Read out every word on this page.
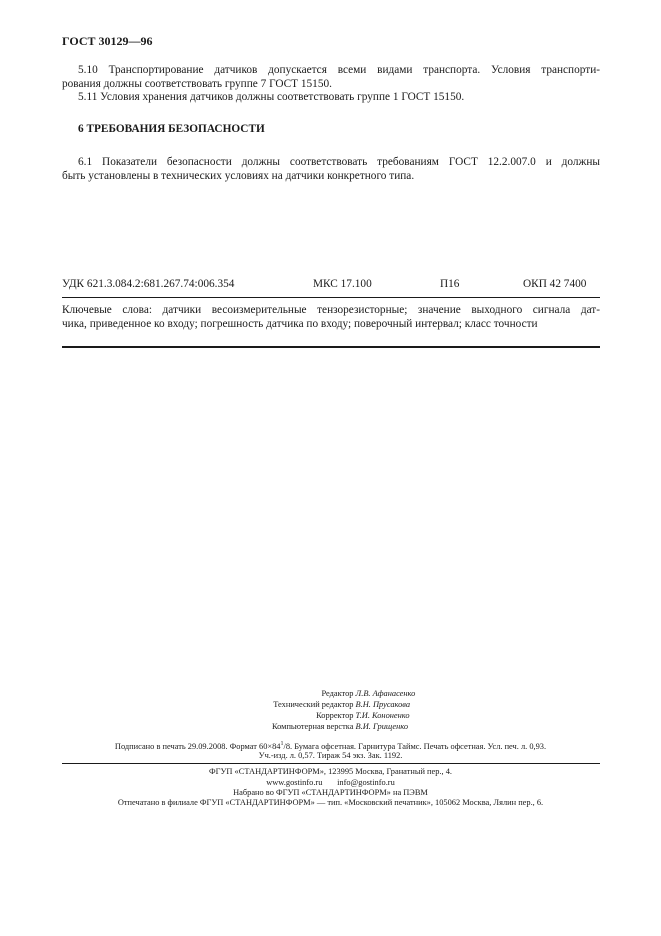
ГОСТ 30129—96
5.10 Транспортирование датчиков допускается всеми видами транспорта. Условия транспорти-
рования должны соответствовать группе 7 ГОСТ 15150.
5.11 Условия хранения датчиков должны соответствовать группе 1 ГОСТ 15150.
6 ТРЕБОВАНИЯ БЕЗОПАСНОСТИ
6.1 Показатели безопасности должны соответствовать требованиям ГОСТ 12.2.007.0 и должны
быть установлены в технических условиях на датчики конкретного типа.
УДК 621.3.084.2:681.267.74:006.354	МКС 17.100	П16	ОКП 42 7400
Ключевые слова: датчики весоизмерительные тензорезисторные; значение выходного сигнала дат-
чика, приведенное ко входу; погрешность датчика по входу; поверочный интервал; класс точности
Редактор
Л.В. Афанасенко
Технический редактор
В.Н. Прусакова
Корректор
Т.И. Кононенко
Компьютерная верстка
В.И. Грищенко
Подписано в печать 29.09.2008. Формат $60\times 84^1/8$. Бумага офсетная. Гарнитура Таймс. Печать офсетная. Усл. печ. л. 0,93.
Уч.-изд. л. 0,57. Тираж 54 экз. Зак. 1192.
ФГУП «СТАНДАРТИНФОРМ», 123995 Москва, Гранатный пер., 4.
www.gostinfo.ru info@gostinfo.ru
Набрано во ФГУП «СТАНДАРТИНФОРМ» на ПЭВМ
Отпечатано в филиале ФГУП «СТАНДАРТИНФОРМ» — тип. «Московский печатник», 105062 Москва, Лялин пер., 6.
